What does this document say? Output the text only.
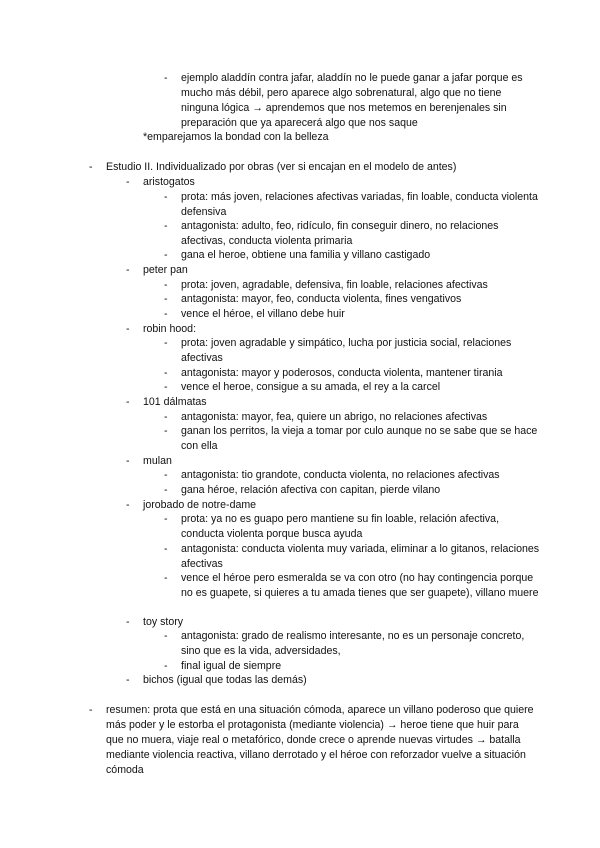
- ejemplo aladdín contra jafar, aladdín no le puede ganar a jafar porque es mucho más débil, pero aparece algo sobrenatural, algo que no tiene ninguna lógica → aprendemos que nos metemos en berenjenales sin preparación que ya aparecerá algo que nos saque
*emparejamos la bondad con la belleza
- Estudio II. Individualizado por obras (ver si encajan en el modelo de antes)
- aristogatos
- prota: más joven, relaciones afectivas variadas, fin loable, conducta violenta defensiva
- antagonista: adulto, feo, ridículo, fin conseguir dinero, no relaciones afectivas, conducta violenta primaria
- gana el heroe, obtiene una familia y villano castigado
- peter pan
- prota: joven, agradable, defensiva, fin loable, relaciones afectivas
- antagonista: mayor, feo, conducta violenta, fines vengativos
- vence el héroe, el villano debe huir
- robin hood:
- prota: joven agradable y simpático, lucha por justicia social, relaciones afectivas
- antagonista: mayor y poderosos, conducta violenta, mantener tirania
- vence el heroe, consigue a su amada, el rey a la carcel
- 101 dálmatas
- antagonista: mayor, fea, quiere un abrigo, no relaciones afectivas
- ganan los perritos, la vieja a tomar por culo aunque no se sabe que se hace con ella
- mulan
- antagonista: tio grandote, conducta violenta, no relaciones afectivas
- gana héroe, relación afectiva con capitan, pierde vilano
- jorobado de notre-dame
- prota: ya no es guapo pero mantiene su fin loable, relación afectiva, conducta violenta porque busca ayuda
- antagonista: conducta violenta muy variada, eliminar a lo gitanos, relaciones afectivas
- vence el héroe pero esmeralda se va con otro (no hay contingencia porque no es guapete, si quieres a tu amada tienes que ser guapete), villano muere
- toy story
- antagonista: grado de realismo interesante, no es un personaje concreto, sino que es la vida, adversidades,
- final igual de siempre
- bichos (igual que todas las demás)
- resumen: prota que está en una situación cómoda, aparece un villano poderoso que quiere más poder y le estorba el protagonista (mediante violencia) → heroe tiene que huir para que no muera, viaje real o metafórico, donde crece o aprende nuevas virtudes → batalla mediante violencia reactiva, villano derrotado y el héroe con reforzador vuelve a situación cómoda
